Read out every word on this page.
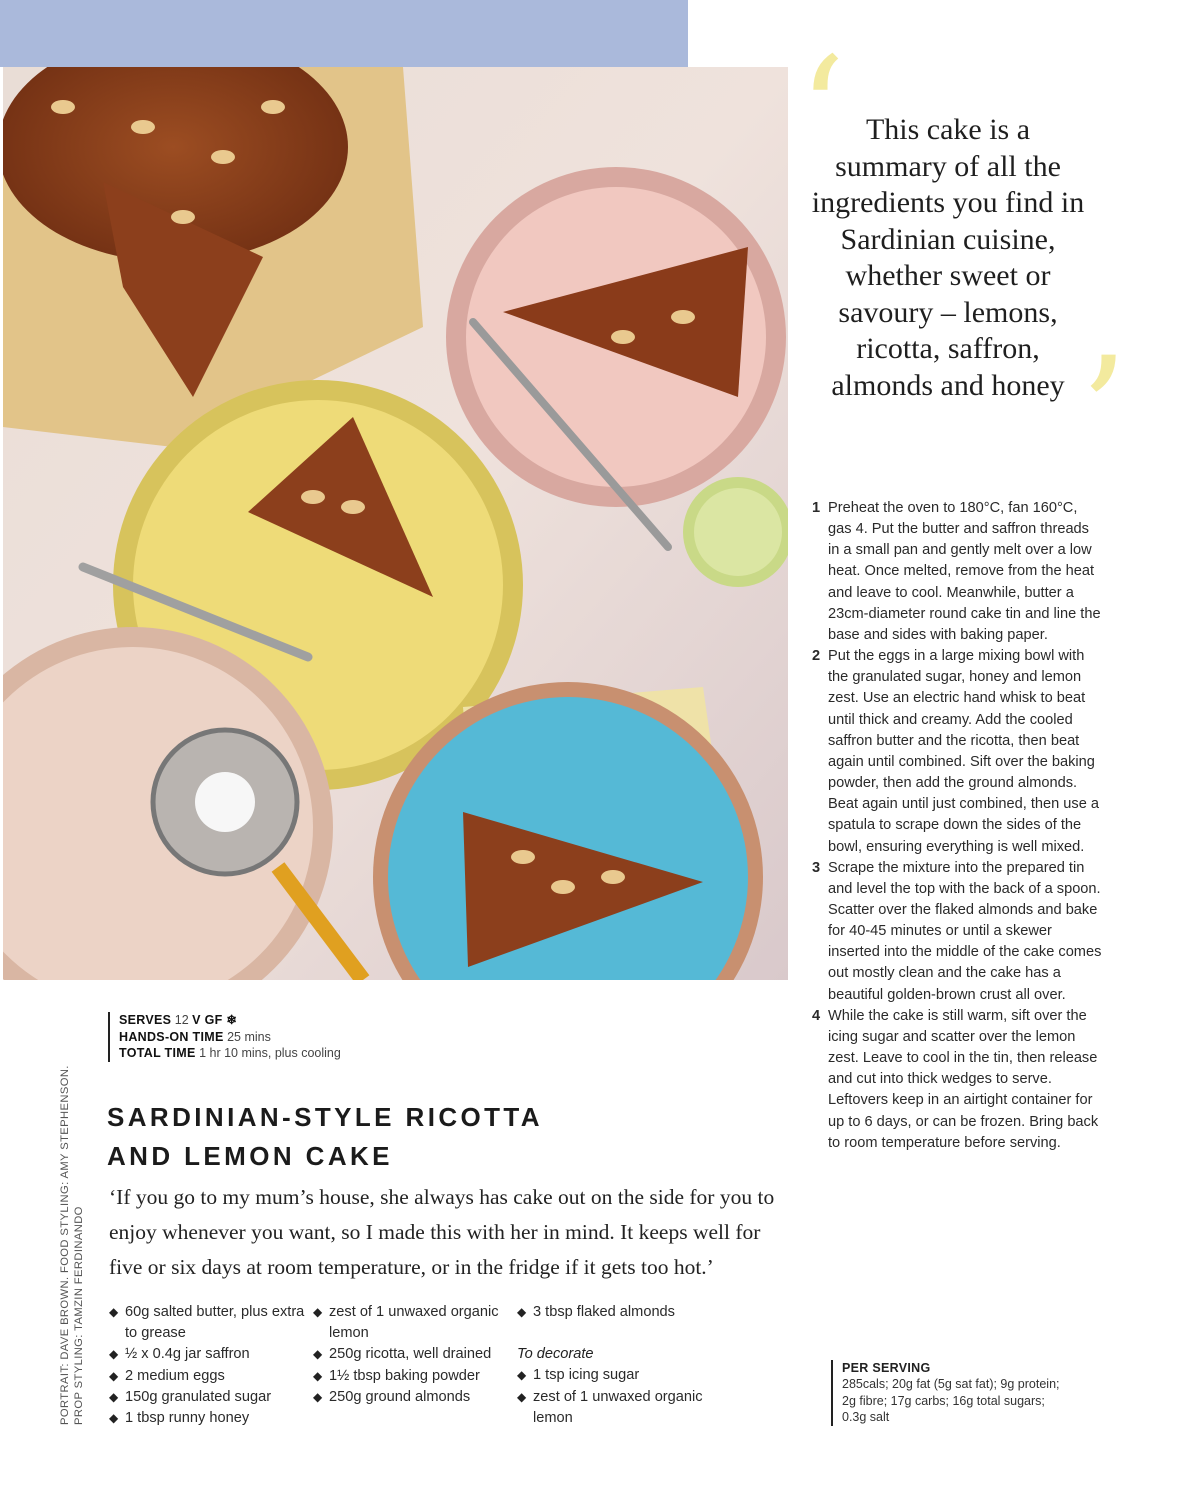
‘ This cake is a summary of all the ingredients you find in Sardinian cuisine, whether sweet or savoury – lemons, ricotta, saffron, almonds and honey ’
1 Preheat the oven to 180°C, fan 160°C, gas 4. Put the butter and saffron threads in a small pan and gently melt over a low heat. Once melted, remove from the heat and leave to cool. Meanwhile, butter a 23cm-diameter round cake tin and line the base and sides with baking paper.
2 Put the eggs in a large mixing bowl with the granulated sugar, honey and lemon zest. Use an electric hand whisk to beat until thick and creamy. Add the cooled saffron butter and the ricotta, then beat again until combined. Sift over the baking powder, then add the ground almonds. Beat again until just combined, then use a spatula to scrape down the sides of the bowl, ensuring everything is well mixed.
3 Scrape the mixture into the prepared tin and level the top with the back of a spoon. Scatter over the flaked almonds and bake for 40-45 minutes or until a skewer inserted into the middle of the cake comes out mostly clean and the cake has a beautiful golden-brown crust all over.
4 While the cake is still warm, sift over the icing sugar and scatter over the lemon zest. Leave to cool in the tin, then release and cut into thick wedges to serve. Leftovers keep in an airtight container for up to 6 days, or can be frozen. Bring back to room temperature before serving.
PER SERVING
285cals; 20g fat (5g sat fat); 9g protein; 2g fibre; 17g carbs; 16g total sugars; 0.3g salt
PORTRAIT: DAVE BROWN. FOOD STYLING: AMY STEPHENSON. PROP STYLING: TAMZIN FERDINANDO
SERVES 12 V GF ❄
HANDS-ON TIME 25 mins
TOTAL TIME 1 hr 10 mins, plus cooling
SARDINIAN-STYLE RICOTTA
AND LEMON CAKE

‘If you go to my mum’s house, she always has cake out on the side for you to enjoy whenever you want, so I made this with her in mind. It keeps well for five or six days at room temperature, or in the fridge if it gets too hot.’

◆ 60g salted butter, plus extra to grease
◆ ½ x 0.4g jar saffron
◆ 2 medium eggs
◆ 150g granulated sugar
◆ 1 tbsp runny honey
◆ zest of 1 unwaxed organic lemon
◆ 250g ricotta, well drained
◆ 1½ tbsp baking powder
◆ 250g ground almonds
◆ 3 tbsp flaked almonds
To decorate
◆ 1 tsp icing sugar
◆ zest of 1 unwaxed organic lemon
